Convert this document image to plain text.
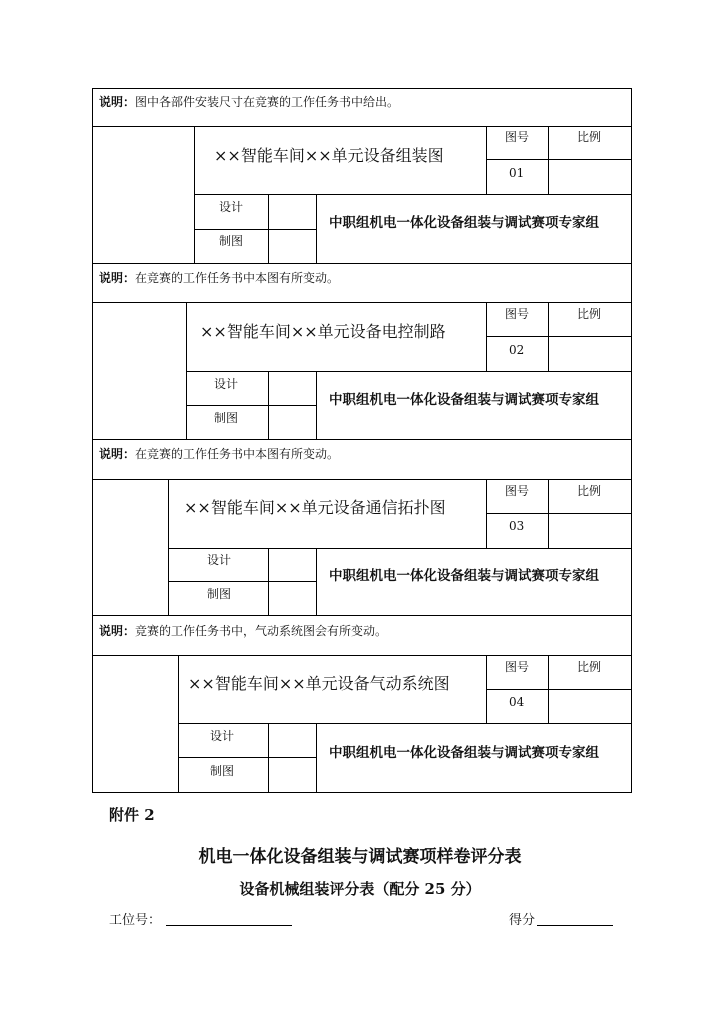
说明：图中各部件安装尺寸在竞赛的工作任务书中给出。
××智能车间××单元设备组装图
图号	比例
01
设计
制图
中职组机电一体化设备组装与调试赛项专家组
说明：在竞赛的工作任务书中本图有所变动。
××智能车间××单元设备电控制路
图号	比例
02
设计
制图
中职组机电一体化设备组装与调试赛项专家组
说明：在竞赛的工作任务书中本图有所变动。
××智能车间××单元设备通信拓扑图
图号	比例
03
设计
制图
中职组机电一体化设备组装与调试赛项专家组
说明：竞赛的工作任务书中，气动系统图会有所变动。
××智能车间××单元设备气动系统图
图号	比例
04
设计
制图
中职组机电一体化设备组装与调试赛项专家组
附件 2
机电一体化设备组装与调试赛项样卷评分表
设备机械组装评分表（配分 25 分）
工位号：	得分
